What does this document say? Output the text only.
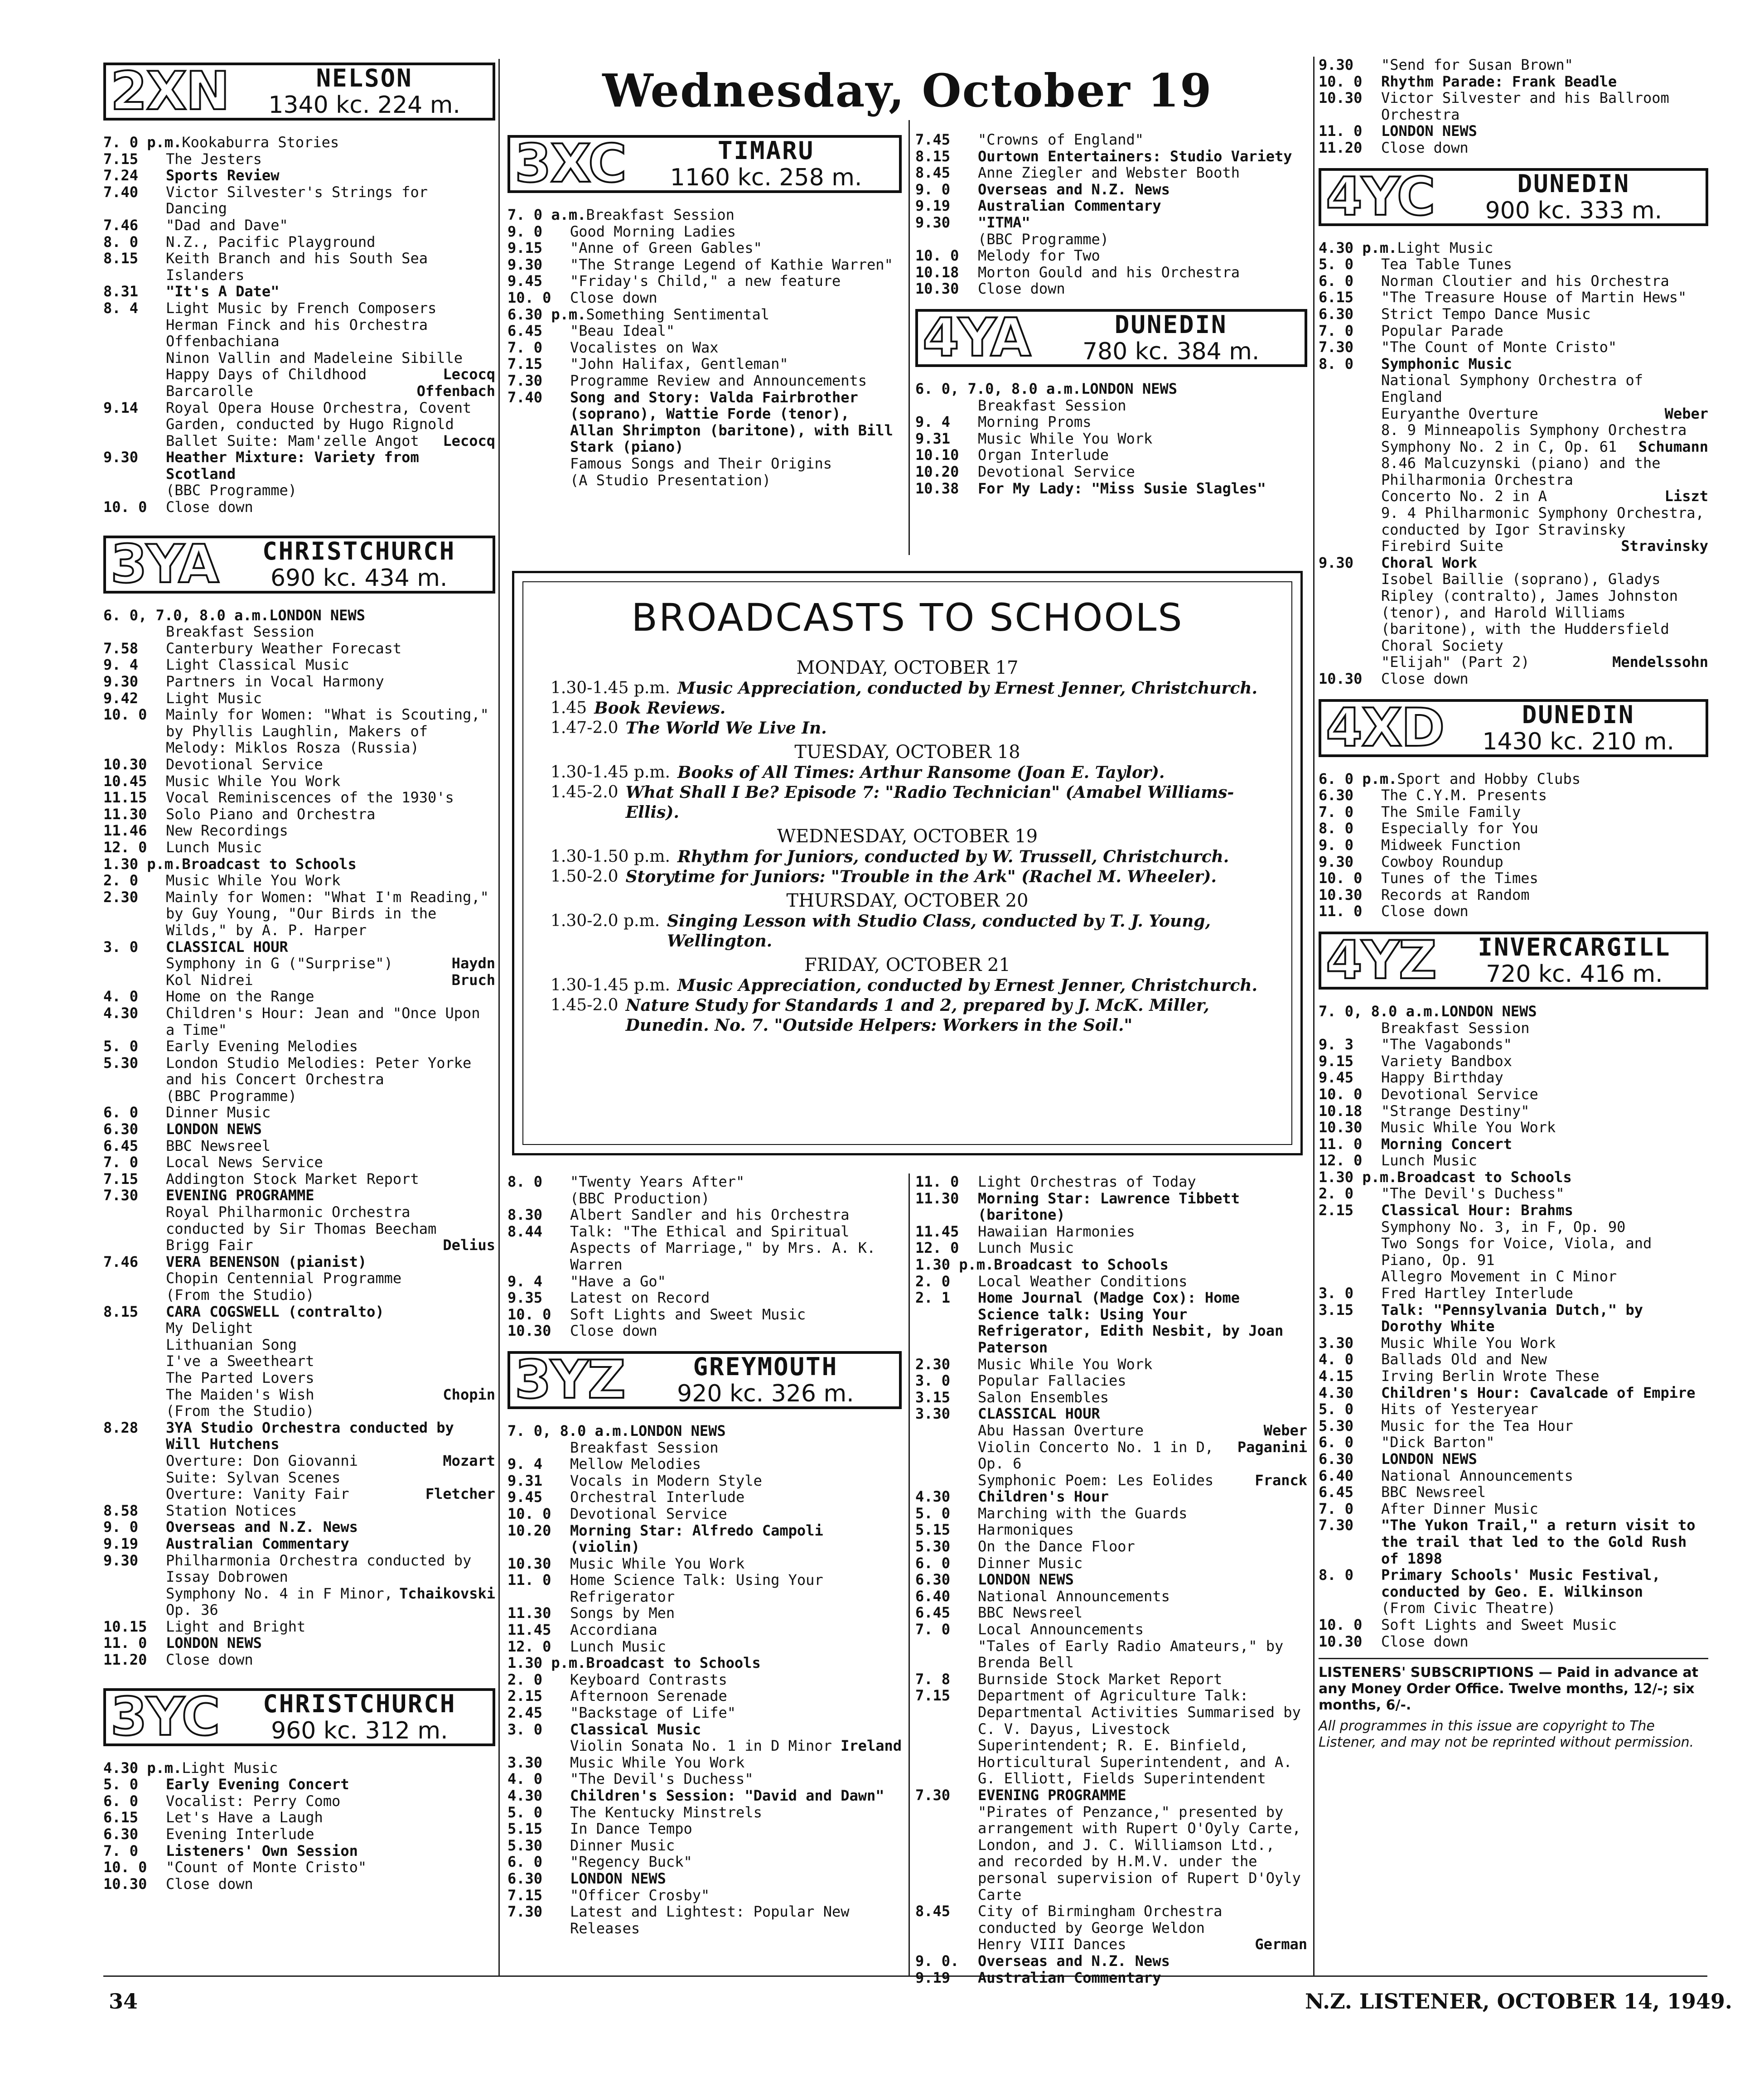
Wednesday, October 19
2XN	NELSON
1340 kc. 224 m.
7. 0 p.m. Kookaburra Stories
7.15	The Jesters
7.24	Sports Review
7.40	Victor Silvester's Strings for Dancing
7.46	"Dad and Dave"
8. 0	N.Z., Pacific Playground
8.15	Keith Branch and his South Sea Islanders
8.31	"It's A Date"
8. 4	Light Music by French Composers Herman Finck and his Orchestra
Offenbachiana
Ninon Vallin and Madeleine Sibille
Happy Days of Childhood	Lecocq
Barcarolle	Offenbach
9.14	Royal Opera House Orchestra, Covent Garden, conducted by Hugo Rignold
Ballet Suite: Mam'zelle Angot	Lecocq
9.30	Heather Mixture: Variety from Scotland
(BBC Programme)
10. 0	Close down
3YA	CHRISTCHURCH
690 kc. 434 m.
6. 0, 7.0, 8.0 a.m. LONDON NEWS
Breakfast Session
7.58	Canterbury Weather Forecast
9. 4	Light Classical Music
9.30	Partners in Vocal Harmony
9.42	Light Music
10. 0	Mainly for Women: "What is Scouting," by Phyllis Laughlin, Makers of Melody: Miklos Rosza (Russia)
10.30	Devotional Service
10.45	Music While You Work
11.15	Vocal Reminiscences of the 1930's
11.30	Solo Piano and Orchestra
11.46	New Recordings
12. 0	Lunch Music
1.30 p.m. Broadcast to Schools
2. 0	Music While You Work
2.30	Mainly for Women: "What I'm Reading," by Guy Young, "Our Birds in the Wilds," by A. P. Harper
3. 0	CLASSICAL HOUR
Symphony in G ("Surprise")	Haydn
Kol Nidrei	Bruch
4. 0	Home on the Range
4.30	Children's Hour: Jean and "Once Upon a Time"
5. 0	Early Evening Melodies
5.30	London Studio Melodies: Peter Yorke and his Concert Orchestra
(BBC Programme)
6. 0	Dinner Music
6.30	LONDON NEWS
6.45	BBC Newsreel
7. 0	Local News Service
7.15	Addington Stock Market Report
7.30	EVENING PROGRAMME
Royal Philharmonic Orchestra conducted by Sir Thomas Beecham
Brigg Fair	Delius
7.46	VERA BENENSON (pianist)
Chopin Centennial Programme
(From the Studio)
8.15	CARA COGSWELL (contralto)
My Delight
Lithuanian Song
I've a Sweetheart
The Parted Lovers
The Maiden's Wish	Chopin
(From the Studio)
8.28	3YA Studio Orchestra conducted by Will Hutchens
Overture: Don Giovanni	Mozart
Suite: Sylvan Scenes
Overture: Vanity Fair	Fletcher
8.58	Station Notices
9. 0	Overseas and N.Z. News
9.19	Australian Commentary
9.30	Philharmonia Orchestra conducted by Issay Dobrowen
Symphony No. 4 in F Minor, Op. 36
Tchaikovski
10.15	Light and Bright
11. 0	LONDON NEWS
11.20	Close down
3YC	CHRISTCHURCH
960 kc. 312 m.
4.30 p.m. Light Music
5. 0	Early Evening Concert
6. 0	Vocalist: Perry Como
6.15	Let's Have a Laugh
6.30	Evening Interlude
7. 0	Listeners' Own Session
10. 0	"Count of Monte Cristo"
10.30	Close down
3XC	TIMARU
1160 kc. 258 m.
7. 0 a.m. Breakfast Session
9. 0	Good Morning Ladies
9.15	"Anne of Green Gables"
9.30	"The Strange Legend of Kathie Warren"
9.45	"Friday's Child," a new feature
10. 0	Close down
6.30 p.m. Something Sentimental
6.45	"Beau Ideal"
7. 0	Vocalistes on Wax
7.15	"John Halifax, Gentleman"
7.30	Programme Review and Announcements
7.40	Song and Story: Valda Fairbrother (soprano), Wattie Forde (tenor), Allan Shrimpton (baritone), with Bill Stark (piano)
Famous Songs and Their Origins
(A Studio Presentation)
7.45	"Crowns of England"
8.15	Ourtown Entertainers: Studio Variety
8.45	Anne Ziegler and Webster Booth
9. 0	Overseas and N.Z. News
9.19	Australian Commentary
9.30	"ITMA"
(BBC Programme)
10. 0	Melody for Two
10.18	Morton Gould and his Orchestra
10.30	Close down
4YA	DUNEDIN
780 kc. 384 m.
6. 0, 7.0, 8.0 a.m. LONDON NEWS
Breakfast Session
9. 4	Morning Proms
9.31	Music While You Work
10.10	Organ Interlude
10.20	Devotional Service
10.38	For My Lady: "Miss Susie Slagles"
BROADCASTS TO SCHOOLS
MONDAY, OCTOBER 17
1.30-1.45 p.m. Music Appreciation, conducted by Ernest Jenner, Christchurch.
1.45 Book Reviews.
1.47-2.0 The World We Live In.
TUESDAY, OCTOBER 18
1.30-1.45 p.m. Books of All Times: Arthur Ransome (Joan E. Taylor).
1.45-2.0 What Shall I Be? Episode 7: "Radio Technician" (Amabel Williams-Ellis).
WEDNESDAY, OCTOBER 19
1.30-1.50 p.m. Rhythm for Juniors, conducted by W. Trussell, Christchurch.
1.50-2.0 Storytime for Juniors: "Trouble in the Ark" (Rachel M. Wheeler).
THURSDAY, OCTOBER 20
1.30-2.0 p.m. Singing Lesson with Studio Class, conducted by T. J. Young, Wellington.
FRIDAY, OCTOBER 21
1.30-1.45 p.m. Music Appreciation, conducted by Ernest Jenner, Christchurch.
1.45-2.0 Nature Study for Standards 1 and 2, prepared by J. McK. Miller, Dunedin. No. 7. "Outside Helpers: Workers in the Soil."
8. 0	"Twenty Years After"
(BBC Production)
8.30	Albert Sandler and his Orchestra
8.44	Talk: "The Ethical and Spiritual Aspects of Marriage," by Mrs. A. K. Warren
9. 4	"Have a Go"
9.35	Latest on Record
10. 0	Soft Lights and Sweet Music
10.30	Close down
3YZ	GREYMOUTH
920 kc. 326 m.
7. 0, 8.0 a.m. LONDON NEWS
Breakfast Session
9. 4	Mellow Melodies
9.31	Vocals in Modern Style
9.45	Orchestral Interlude
10. 0	Devotional Service
10.20	Morning Star: Alfredo Campoli (violin)
10.30	Music While You Work
11. 0	Home Science Talk: Using Your Refrigerator
11.30	Songs by Men
11.45	Accordiana
12. 0	Lunch Music
1.30 p.m. Broadcast to Schools
2. 0	Keyboard Contrasts
2.15	Afternoon Serenade
2.45	"Backstage of Life"
3. 0	Classical Music
Violin Sonata No. 1 in D Minor Ireland
3.30	Music While You Work
4. 0	"The Devil's Duchess"
4.30	Children's Session: "David and Dawn"
5. 0	The Kentucky Minstrels
5.15	In Dance Tempo
5.30	Dinner Music
6. 0	"Regency Buck"
6.30	LONDON NEWS
7.15	"Officer Crosby"
7.30	Latest and Lightest: Popular New Releases
11. 0	Light Orchestras of Today
11.30	Morning Star: Lawrence Tibbett (baritone)
11.45	Hawaiian Harmonies
12. 0	Lunch Music
1.30 p.m. Broadcast to Schools
2. 0	Local Weather Conditions
2. 1	Home Journal (Madge Cox): Home Science talk: Using Your Refrigerator, Edith Nesbit, by Joan Paterson
2.30	Music While You Work
3. 0	Popular Fallacies
3.15	Salon Ensembles
3.30	CLASSICAL HOUR
Abu Hassan Overture	Weber
Violin Concerto No. 1 in D, Op. 6
Paganini
Symphonic Poem: Les Eolides	Franck
4.30	Children's Hour
5. 0	Marching with the Guards
5.15	Harmoniques
5.30	On the Dance Floor
6. 0	Dinner Music
6.30	LONDON NEWS
6.40	National Announcements
6.45	BBC Newsreel
7. 0	Local Announcements
"Tales of Early Radio Amateurs," by Brenda Bell
7. 8	Burnside Stock Market Report
7.15	Department of Agriculture Talk: Departmental Activities Summarised by C. V. Dayus, Livestock Superintendent; R. E. Binfield, Horticultural Superintendent, and A. G. Elliott, Fields Superintendent
7.30	EVENING PROGRAMME
"Pirates of Penzance," presented by arrangement with Rupert O'Oyly Carte, London, and J. C. Williamson Ltd., and recorded by H.M.V. under the personal supervision of Rupert D'Oyly Carte
8.45	City of Birmingham Orchestra conducted by George Weldon
Henry VIII Dances	German
9. 0.	Overseas and N.Z. News
9.19	Australian Commentary
9.30	"Send for Susan Brown"
10. 0	Rhythm Parade: Frank Beadle
10.30	Victor Silvester and his Ballroom Orchestra
11. 0	LONDON NEWS
11.20	Close down
4YC	DUNEDIN
900 kc. 333 m.
4.30 p.m. Light Music
5. 0	Tea Table Tunes
6. 0	Norman Cloutier and his Orchestra
6.15	"The Treasure House of Martin Hews"
6.30	Strict Tempo Dance Music
7. 0	Popular Parade
7.30	"The Count of Monte Cristo"
8. 0	Symphonic Music
National Symphony Orchestra of England
Euryanthe Overture	Weber
8. 9 Minneapolis Symphony Orchestra
Symphony No. 2 in C, Op. 61	Schumann
8.46 Malcuzynski (piano) and the Philharmonia Orchestra
Concerto No. 2 in A	Liszt
9. 4 Philharmonic Symphony Orchestra, conducted by Igor Stravinsky
Firebird Suite	Stravinsky
9.30	Choral Work
Isobel Baillie (soprano), Gladys Ripley (contralto), James Johnston (tenor), and Harold Williams (baritone), with the Huddersfield Choral Society
"Elijah" (Part 2)	Mendelssohn
10.30	Close down
4XD	DUNEDIN
1430 kc. 210 m.
6. 0 p.m. Sport and Hobby Clubs
6.30	The C.Y.M. Presents
7. 0	The Smile Family
8. 0	Especially for You
9. 0	Midweek Function
9.30	Cowboy Roundup
10. 0	Tunes of the Times
10.30	Records at Random
11. 0	Close down
4YZ	INVERCARGILL
720 kc. 416 m.
7. 0, 8.0 a.m. LONDON NEWS
Breakfast Session
9. 3	"The Vagabonds"
9.15	Variety Bandbox
9.45	Happy Birthday
10. 0	Devotional Service
10.18	"Strange Destiny"
10.30	Music While You Work
11. 0	Morning Concert
12. 0	Lunch Music
1.30 p.m. Broadcast to Schools
2. 0	"The Devil's Duchess"
2.15	Classical Hour: Brahms
Symphony No. 3, in F, Op. 90
Two Songs for Voice, Viola, and Piano, Op. 91
Allegro Movement in C Minor
3. 0	Fred Hartley Interlude
3.15	Talk: "Pennsylvania Dutch," by Dorothy White
3.30	Music While You Work
4. 0	Ballads Old and New
4.15	Irving Berlin Wrote These
4.30	Children's Hour: Cavalcade of Empire
5. 0	Hits of Yesteryear
5.30	Music for the Tea Hour
6. 0	"Dick Barton"
6.30	LONDON NEWS
6.40	National Announcements
6.45	BBC Newsreel
7. 0	After Dinner Music
7.30	"The Yukon Trail," a return visit to the trail that led to the Gold Rush of 1898
8. 0	Primary Schools' Music Festival, conducted by Geo. E. Wilkinson
(From Civic Theatre)
10. 0	Soft Lights and Sweet Music
10.30	Close down
LISTENERS' SUBSCRIPTIONS — Paid in advance at any Money Order Office. Twelve months, 12/-; six months, 6/-.
All programmes in this issue are copyright to The Listener, and may not be reprinted without permission.
34	N.Z. LISTENER, OCTOBER 14, 1949.
